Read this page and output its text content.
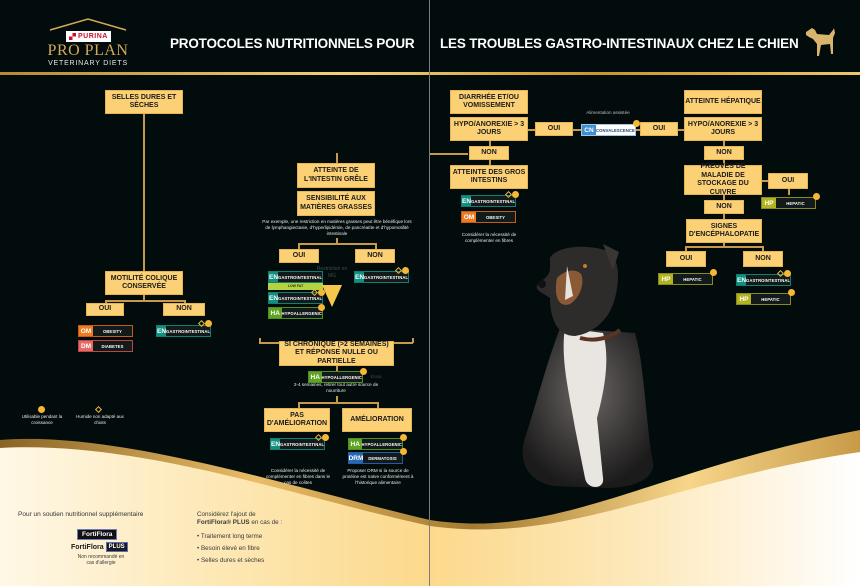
PURINA
PRO PLAN
VETERINARY DIETS
PROTOCOLES NUTRITIONNELS POUR LES TROUBLES GASTRO-INTESTINAUX CHEZ LE CHIEN
SELLES DURES ET SÈCHES
MOTILITÉ COLIQUE CONSERVÉE
OUI	NON
OM	OBESITY
DM	DIABETES
EN GASTROINTESTINAL
Utilisable pendant la croissance
Humide non adapté aux chiots
ATTEINTE DE L'INTESTIN GRÊLE
SENSIBILITÉ AUX MATIÈRES GRASSES
Par exemple, une restriction en matières grasses peut être bénéfique lors de lymphangiectasie, d'hyperlipidémie, de pancréatite et d'hypomotilité intestinale
OUI	NON
EN GASTROINTESTINAL
LOW FAT
EN GASTROINTESTINAL
HA HYPOALLERGENIC
Restriction en MG	EN GASTROINTESTINAL
SI CHRONIQUE (>2 SEMAINES) ET RÉPONSE NULLE OU PARTIELLE
HA HYPOALLERGENIC	Essai
2-4 semaines, retirer tout autre source de nourriture
PAS D'AMÉLIORATION
AMÉLIORATION
EN GASTROINTESTINAL	HA HYPOALLERGENIC
DRM	DERMATOSIS
Considérer la nécessité de complémenter en fibres dans le cas de colites
Proposer DRM si la source de protéine est naïve conformément à l'historique alimentaire
DIARRHÉE ET/OU VOMISSEMENT
HYPO/ANOREXIE > 3 JOURS
OUI
Alimentation assistée
CN CONVALESCENCE	OUI
NON
ATTEINTE DES GROS INTESTINS
EN GASTROINTESTINAL
OM	OBESITY
Considérer la nécessité de complémenter en fibres
ATTEINTE HÉPATIQUE
HYPO/ANOREXIE > 3 JOURS
NON
PREUVES DE MALADIE DE STOCKAGE DU CUIVRE
OUI
HP	HEPATIC
NON
SIGNES D'ENCÉPHALOPATIE
OUI	NON
HP	HEPATIC	EN GASTROINTESTINAL
HP	HEPATIC
Pour un soutien nutritionnel supplémentaire
FortiFlora
FortiFlora PLUS
Non recommandé en cas d'allergie
Considérez l'ajout de
FortiFlora® PLUS en cas de :
• Traitement long terme
• Besoin élevé en fibre
• Selles dures et sèches
